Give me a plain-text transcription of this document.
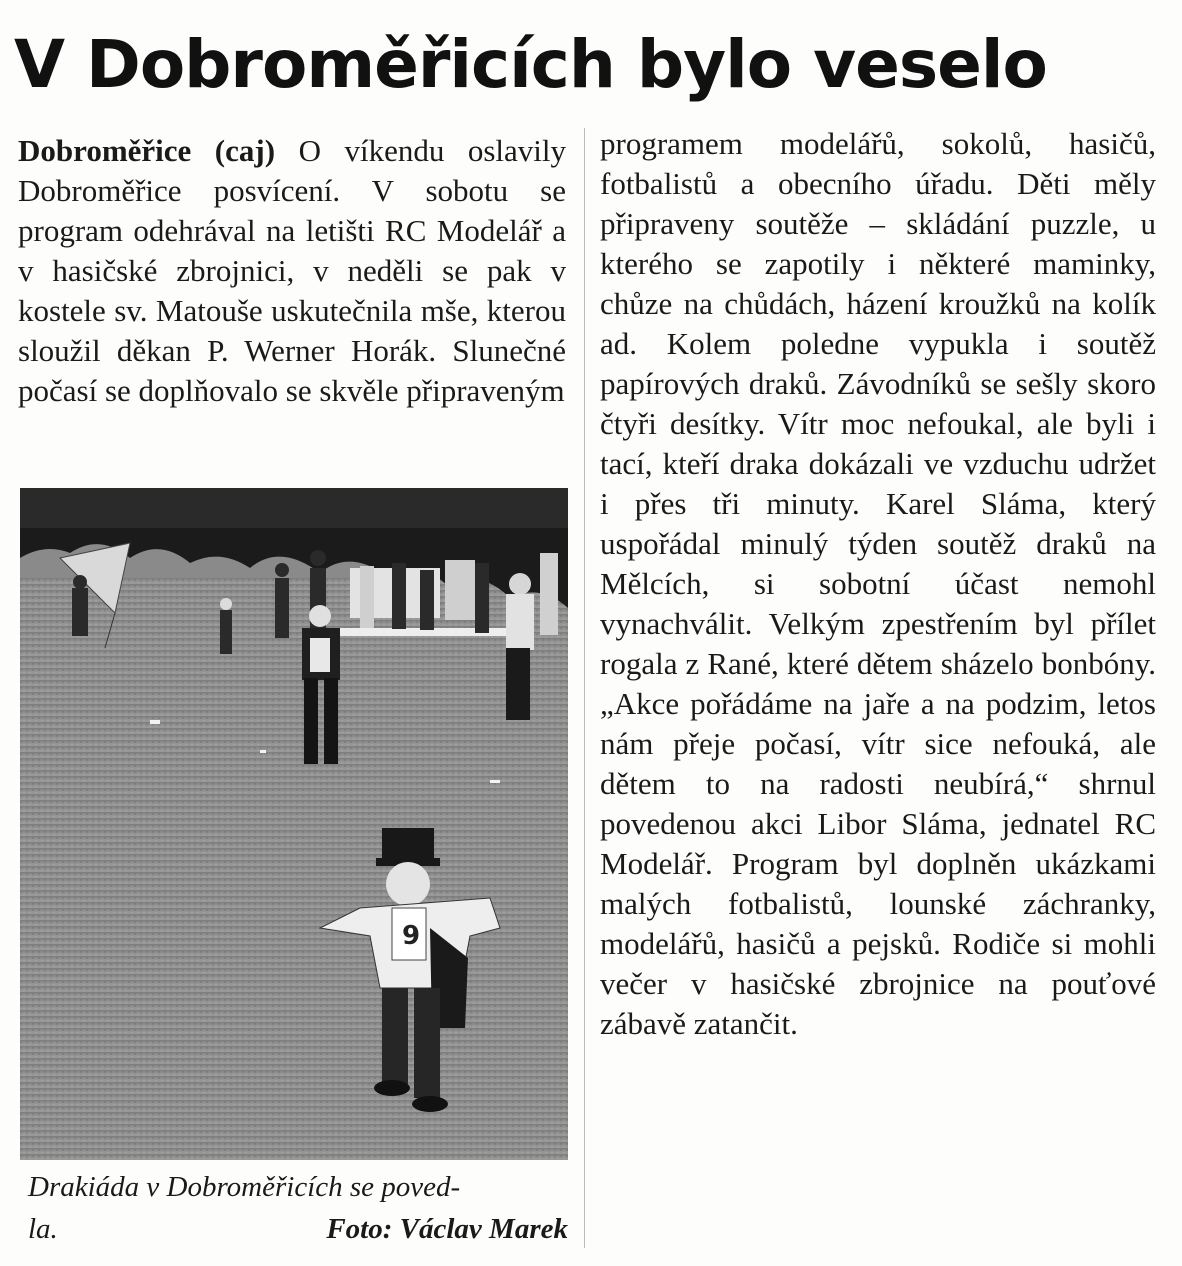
V Dobroměřicích bylo veselo

Dobroměřice (caj) O víkendu oslavily Dobroměřice posvícení. V sobotu se program odehrával na letišti RC Modelář a v hasičské zbrojnici, v neděli se pak v kostele sv. Matouše uskutečnila mše, kterou sloužil děkan P. Werner Horák. Slunečné počasí se doplňovalo se skvěle připraveným

9
Drakiáda v Dobroměřicích se poved-
la.	Foto: Václav Marek

programem modelářů, sokolů, hasičů, fotbalistů a obecního úřadu. Děti měly připraveny soutěže – skládání puzzle, u kterého se zapotily i některé maminky, chůze na chůdách, házení kroužků na kolík ad. Kolem poledne vypukla i soutěž papírových draků. Závodníků se sešly skoro čtyři desítky. Vítr moc nefoukal, ale byli i tací, kteří draka dokázali ve vzduchu udržet i přes tři minuty. Karel Sláma, který uspořádal minulý týden soutěž draků na Mělcích, si sobotní účast nemohl vynachválit. Velkým zpestřením byl přílet rogala z Rané, které dětem sházelo bonbóny. „Akce pořádáme na jaře a na podzim, letos nám přeje počasí, vítr sice nefouká, ale dětem to na radosti neubírá,“ shrnul povedenou akci Libor Sláma, jednatel RC Modelář. Program byl doplněn ukázkami malých fotbalistů, lounské záchranky, modelářů, hasičů a pejsků. Rodiče si mohli večer v hasičské zbrojnice na pouťové zábavě zatančit.
